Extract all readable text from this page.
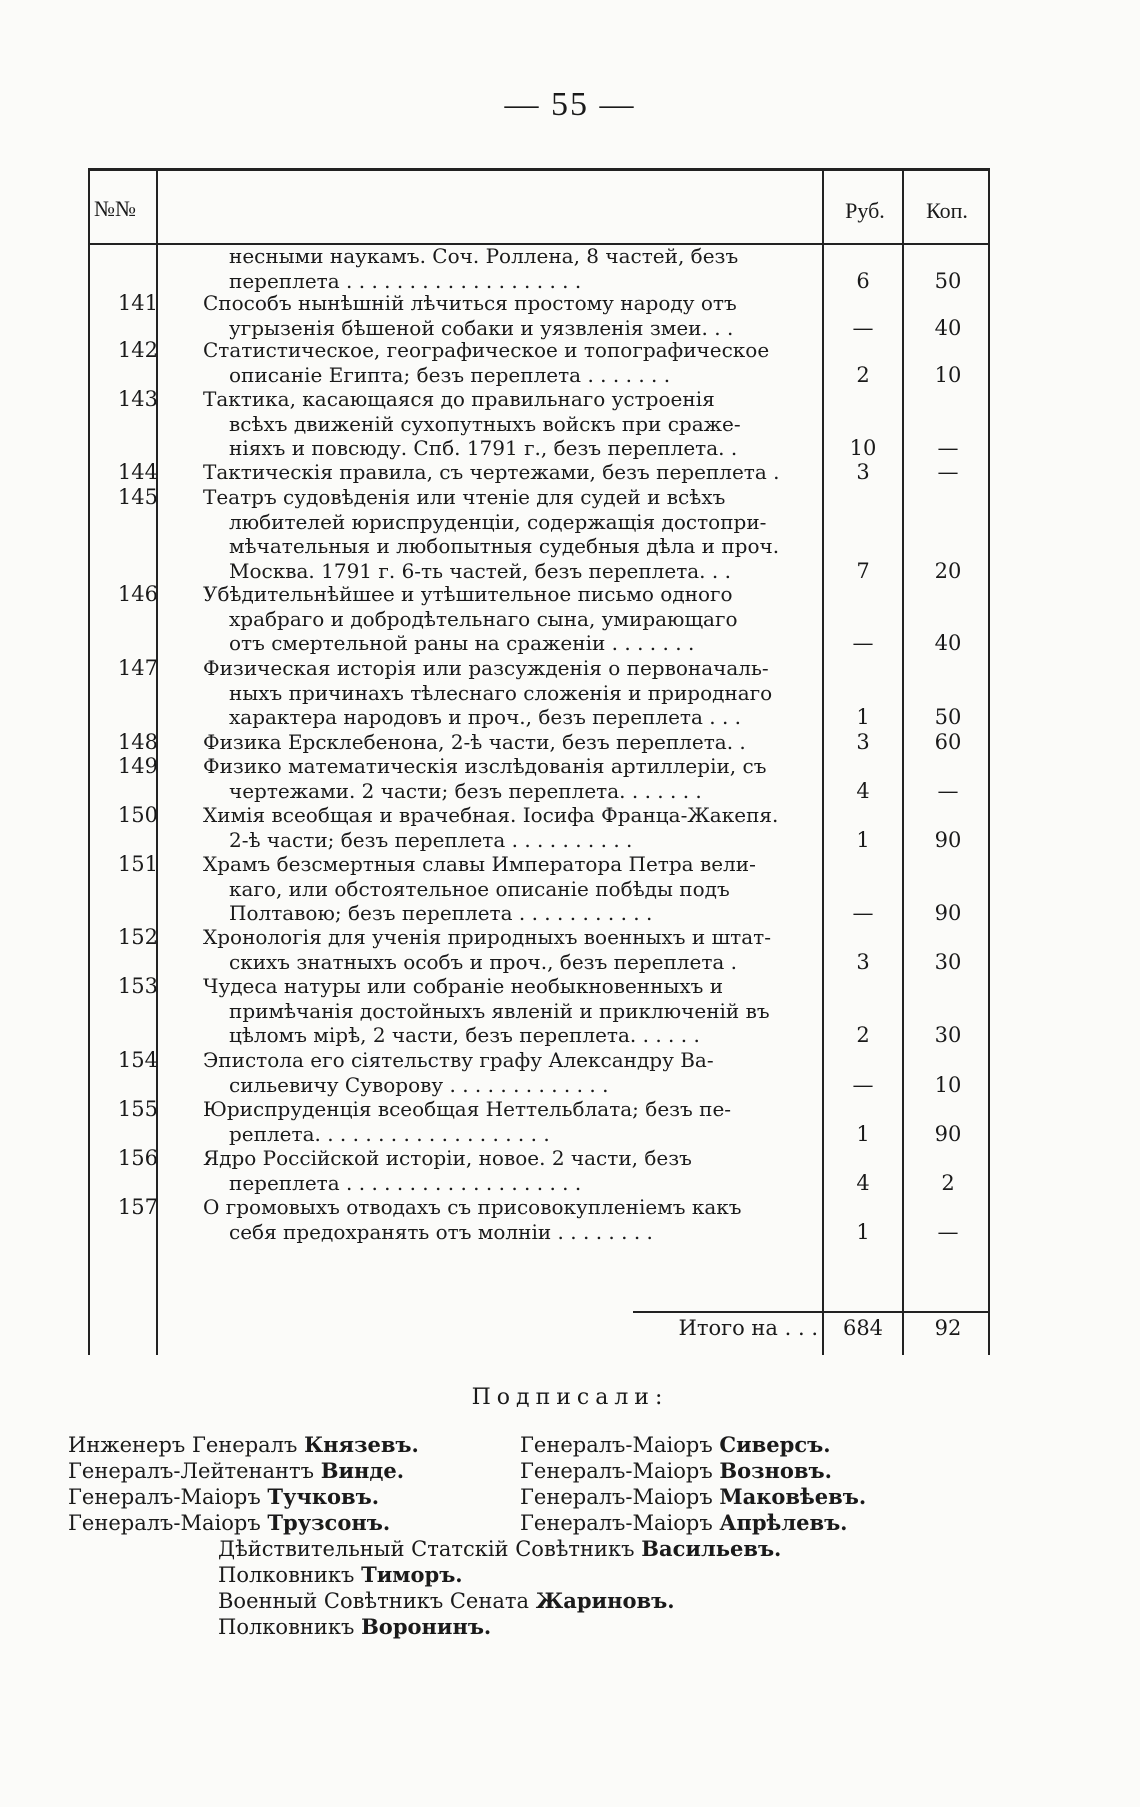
— 55 —
№№	Руб.	Коп.
несными наукамъ. Соч. Роллена, 8 частей, безъ
переплета . . . . . . . . . . . . . . . . . . .	6	50
141 Способъ нынѣшній лѣчиться простому народу отъ
угрызенія бѣшеной собаки и уязвленія змеи. . .	—	40
142 Статистическое, географическое и топографическое
описаніе Египта; безъ переплета . . . . . . .	2	10
143 Тактика, касающаяся до правильнаго устроенія
всѣхъ движеній сухопутныхъ войскъ при сраже-
ніяхъ и повсюду. Спб. 1791 г., безъ переплета. .	10	—
144 Тактическія правила, съ чертежами, безъ переплета .	3	—
145 Театръ судовѣденія или чтеніе для судей и всѣхъ
любителей юриспруденціи, содержащія достопри-
мѣчательныя и любопытныя судебныя дѣла и проч.
Москва. 1791 г. 6-ть частей, безъ переплета. . .	7	20
146 Убѣдительнѣйшее и утѣшительное письмо одного
храбраго и добродѣтельнаго сына, умирающаго
отъ смертельной раны на сраженіи . . . . . . .	—	40
147 Физическая исторія или разсужденія о первоначаль-
ныхъ причинахъ тѣлеснаго сложенія и природнаго
характера народовъ и проч., безъ переплета . . .	1	50
148 Физика Ерсклебенона, 2-ѣ части, безъ переплета. .	3	60
149 Физико математическія изслѣдованія артиллеріи, съ
чертежами. 2 части; безъ переплета. . . . . . .	4	—
150 Химія всеобщая и врачебная. Іосифа Франца-Жакепя.
2-ѣ части; безъ переплета . . . . . . . . . .	1	90
151 Храмъ безсмертныя славы Императора Петра вели-
каго, или обстоятельное описаніе побѣды подъ
Полтавою; безъ переплета . . . . . . . . . . .	—	90
152 Хронологія для ученія природныхъ военныхъ и штат-
скихъ знатныхъ особъ и проч., безъ переплета .	3	30
153 Чудеса натуры или собраніе необыкновенныхъ и
примѣчанія достойныхъ явленій и приключеній въ
цѣломъ мірѣ, 2 части, безъ переплета. . . . . .	2	30
154 Эпистола его сіятельству графу Александру Ва-
сильевичу Суворову . . . . . . . . . . . . .	—	10
155 Юриспруденція всеобщая Неттельблата; безъ пе-
реплета. . . . . . . . . . . . . . . . . . .	1	90
156 Ядро Россійской исторіи, новое. 2 части, безъ
переплета . . . . . . . . . . . . . . . . . . .	4	2
157 О громовыхъ отводахъ съ присовокупленіемъ какъ
себя предохранять отъ молніи . . . . . . . .	1	—
Итого на . . .	684	92
Подписали:
Инженеръ Генералъ Князевъ.
Генералъ-Лейтенантъ Винде.
Генералъ-Маіоръ Тучковъ.
Генералъ-Маіоръ Трузсонъ.
Генералъ-Маіоръ Сиверсъ.
Генералъ-Маіоръ Возновъ.
Генералъ-Маіоръ Маковѣевъ.
Генералъ-Маіоръ Апрѣлевъ.
Дѣйствительный Статскій Совѣтникъ Васильевъ.
Полковникъ Тиморъ.
Военный Совѣтникъ Сената Жариновъ.
Полковникъ Воронинъ.
